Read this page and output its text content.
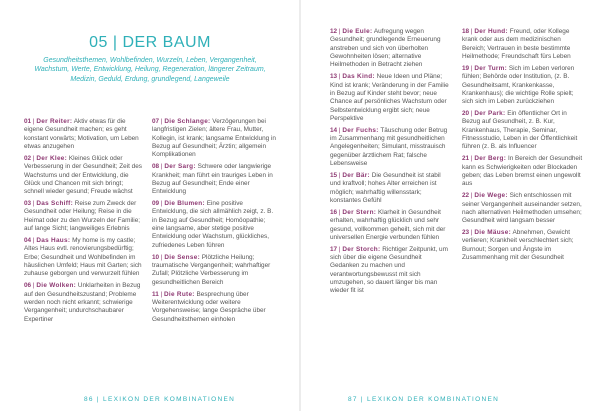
05 | DER BAUM
Gesundheitsthemen, Wohlbefinden, Wurzeln, Leben, Vergangenheit, Wachstum, Werte, Entwicklung, Heilung, Regeneration, längerer Zeitraum, Medizin, Geduld, Erdung, grundlegend, Langeweile

01 | Der Reiter: Aktiv etwas für die eigene Gesundheit machen; es geht konstant vorwärts; Motivation, um Leben etwas anzugehen

02 | Der Klee: Kleines Glück oder Verbesserung in der Gesundheit; Zeit des Wachstums und der Entwicklung, die Glück und Chancen mit sich bringt; schnell wieder gesund; Freude wächst

03 | Das Schiff: Reise zum Zweck der Gesundheit oder Heilung; Reise in die Heimat oder zu den Wurzeln der Familie; auf lange Sicht; langweiliges Erlebnis

04 | Das Haus: My home is my castle; Altes Haus evtl. renovierungsbedürftig; Erbe; Gesundheit und Wohlbefinden im häuslichen Umfeld; Haus mit Garten; sich zuhause geborgen und verwurzelt fühlen

06 | Die Wolken: Unklarheiten in Bezug auf den Gesundheitszustand; Probleme werden noch nicht erkannt; schwierige Vergangenheit; undurchschaubarer Expertiner

07 | Die Schlange: Verzögerungen bei langfristigen Zielen; ältere Frau, Mutter, Kollegin, ist krank; langsame Entwicklung in Bezug auf Gesundheit; Ärztin; allgemein Komplikationen

08 | Der Sarg: Schwere oder langwierige Krankheit; man führt ein trauriges Leben in Bezug auf Gesundheit; Ende einer Entwicklung

09 | Die Blumen: Eine positive Entwicklung, die sich allmählich zeigt, z. B. in Bezug auf Gesundheit; Homöopathie; eine langsame, aber stetige positive Entwicklung oder Wachstum, glückliches, zufriedenes Leben führen

10 | Die Sense: Plötzliche Heilung; traumatische Vergangenheit; wahrhaftiger Zufall; Plötzliche Verbesserung im gesundheitlichen Bereich

11 | Die Rute: Besprechung über Weiterentwicklung oder weitere Vorgehensweise; lange Gespräche über Gesundheitsthemen einholen

86 | LEXIKON DER KOMBINATIONEN

12 | Die Eule: Aufregung wegen Gesundheit; grundlegende Erneuerung anstreben und sich von überholten Gewohnheiten lösen; alternative Heilmethoden in Betracht ziehen

13 | Das Kind: Neue Ideen und Pläne; Kind ist krank; Veränderung in der Familie in Bezug auf Kinder steht bevor; neue Chance auf persönliches Wachstum oder Selbstentwicklung ergibt sich; neue Perspektive

14 | Der Fuchs: Täuschung oder Betrug im Zusammenhang mit gesundheitlichen Angelegenheiten; Simulant, misstrauisch gegenüber ärztlichem Rat; falsche Lebensweise

15 | Der Bär: Die Gesundheit ist stabil und kraftvoll; hohes Alter erreichen ist möglich; wahrhaftig willensstark; konstantes Gefühl

16 | Der Stern: Klarheit in Gesundheit erhalten, wahrhaftig glücklich und sehr gesund, vollkommen geheilt, sich mit der universellen Energie verbunden fühlen

17 | Der Storch: Richtiger Zeitpunkt, um sich über die eigene Gesundheit Gedanken zu machen und verantwortungsbewusst mit sich umzugehen, so dauert länger bis man wieder fit ist

18 | Der Hund: Freund, oder Kollege krank oder aus dem medizinischen Bereich; Vertrauen in beste bestimmte Heilmethode; Freundschaft fürs Leben

19 | Der Turm: Sich im Leben verloren fühlen; Behörde oder Institution, (z. B. Gesundheitsamt, Krankenkasse, Krankenhaus); die wichtige Rolle spielt; sich sich im Leben zurückziehen

20 | Der Park: Ein öffentlicher Ort in Bezug auf Gesundheit, z. B. Kur, Krankenhaus, Therapie, Seminar, Fitnessstudio, Leben in der Öffentlichkeit führen (z. B. als Influencer

21 | Der Berg: In Bereich der Gesundheit kann es Schwierigkeiten oder Blockaden geben; das Leben bremst einen ungewollt aus

22 | Die Wege: Sich entschlossen mit seiner Vergangenheit auseinander setzen, nach alternativen Heilmethoden umsehen; Gesundheit wird langsam besser

23 | Die Mäuse: Abnehmen, Gewicht verlieren; Krankheit verschlechtert sich; Burnout; Sorgen und Ängste im Zusammenhang mit der Gesundheit

87 | LEXIKON DER KOMBINATIONEN
